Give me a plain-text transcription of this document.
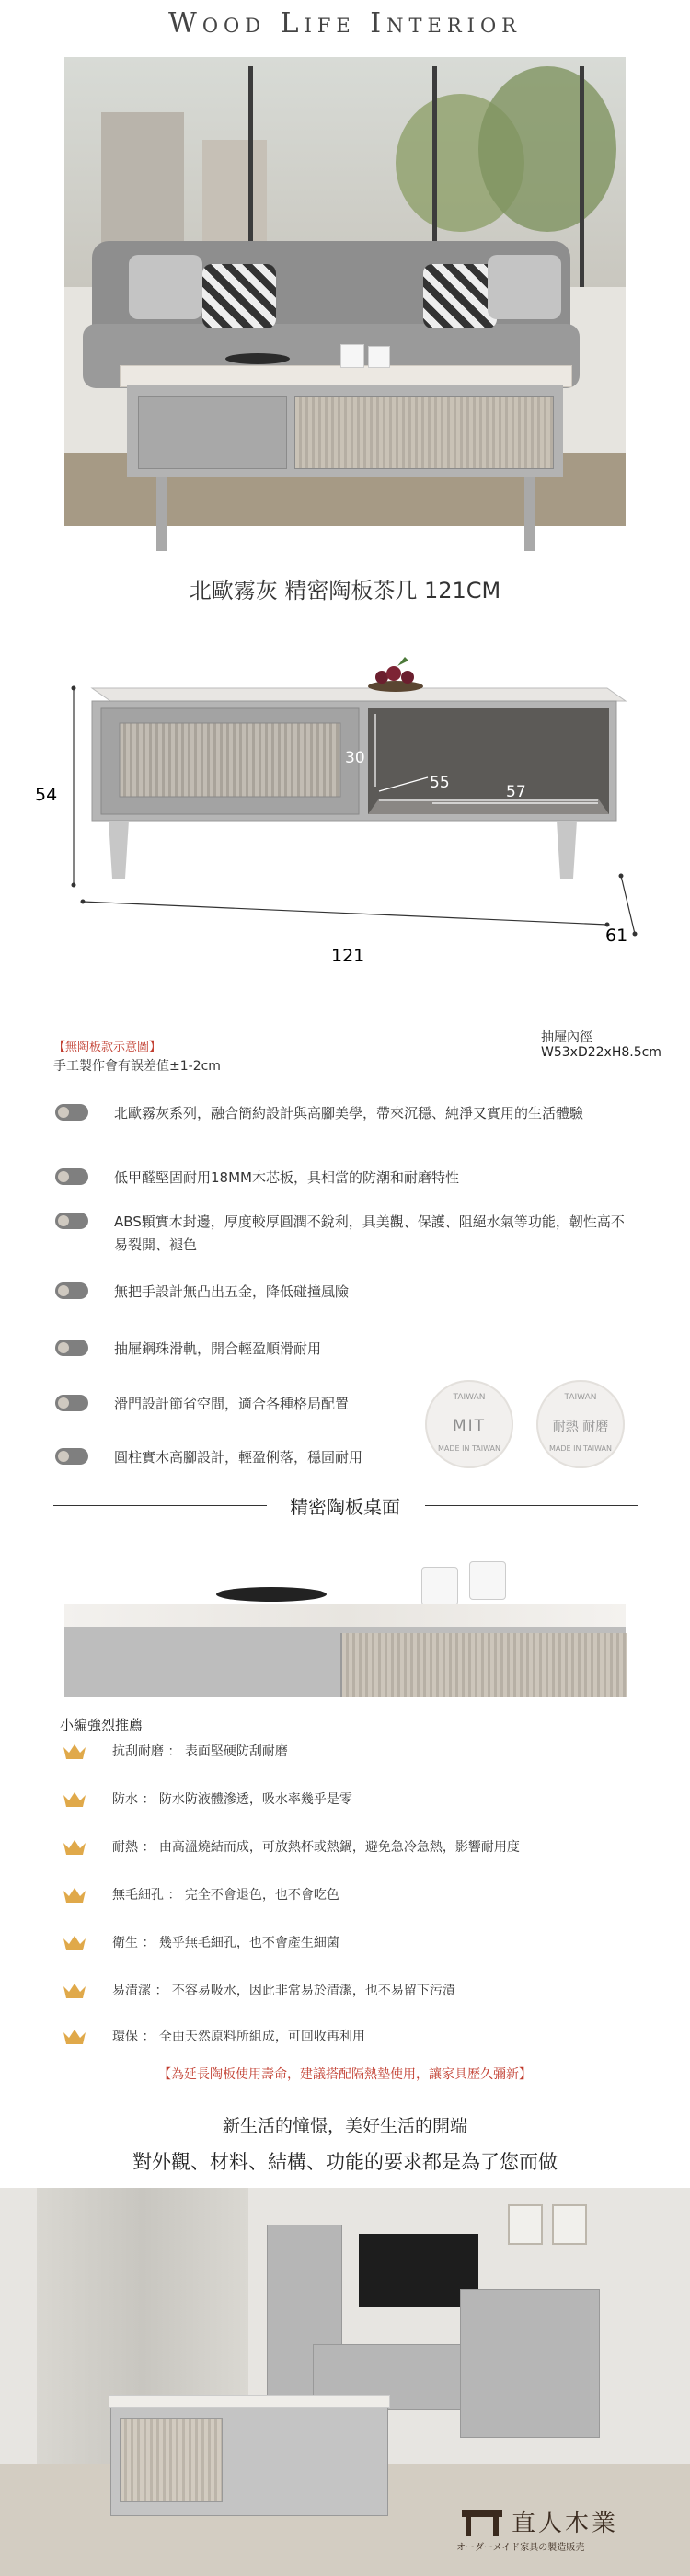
Wood Life Interior
北歐霧灰 精密陶板茶几 121CM
54
121
61
30
55	57
【無陶板款示意圖】
手工製作會有誤差值±1-2cm
抽屜內徑
W53xD22xH8.5cm
北歐霧灰系列，融合簡約設計與高腳美學，帶來沉穩、純淨又實用的生活體驗
低甲醛堅固耐用18MM木芯板，具相當的防潮和耐磨特性
ABS顆實木封邊，厚度較厚圓潤不銳利，具美觀、保護、阻絕水氣等功能，韌性高不易裂開、褪色
無把手設計無凸出五金，降低碰撞風險
抽屜鋼珠滑軌，開合輕盈順滑耐用
滑門設計節省空間，適合各種格局配置
圓柱實木高腳設計，輕盈俐落，穩固耐用
TAIWAN
MIT
MADE IN TAIWAN
TAIWAN
耐熱 耐磨
MADE IN TAIWAN
精密陶板桌面
小編強烈推薦
抗刮耐磨 ： 表面堅硬防刮耐磨
防水 ： 防水防液體滲透，吸水率幾乎是零
耐熱 ： 由高溫燒結而成，可放熱杯或熱鍋，避免急冷急熱，影響耐用度
無毛細孔 ： 完全不會退色，也不會吃色
衛生 ： 幾乎無毛細孔，也不會產生細菌
易清潔 ： 不容易吸水，因此非常易於清潔，也不易留下污漬
環保 ： 全由天然原料所組成，可回收再利用
【為延長陶板使用壽命，建議搭配隔熱墊使用，讓家具歷久彌新】
新生活的憧憬，美好生活的開端
對外觀、材料、結構、功能的要求都是為了您而做
直人木業
オーダーメイド家具の製造販売
